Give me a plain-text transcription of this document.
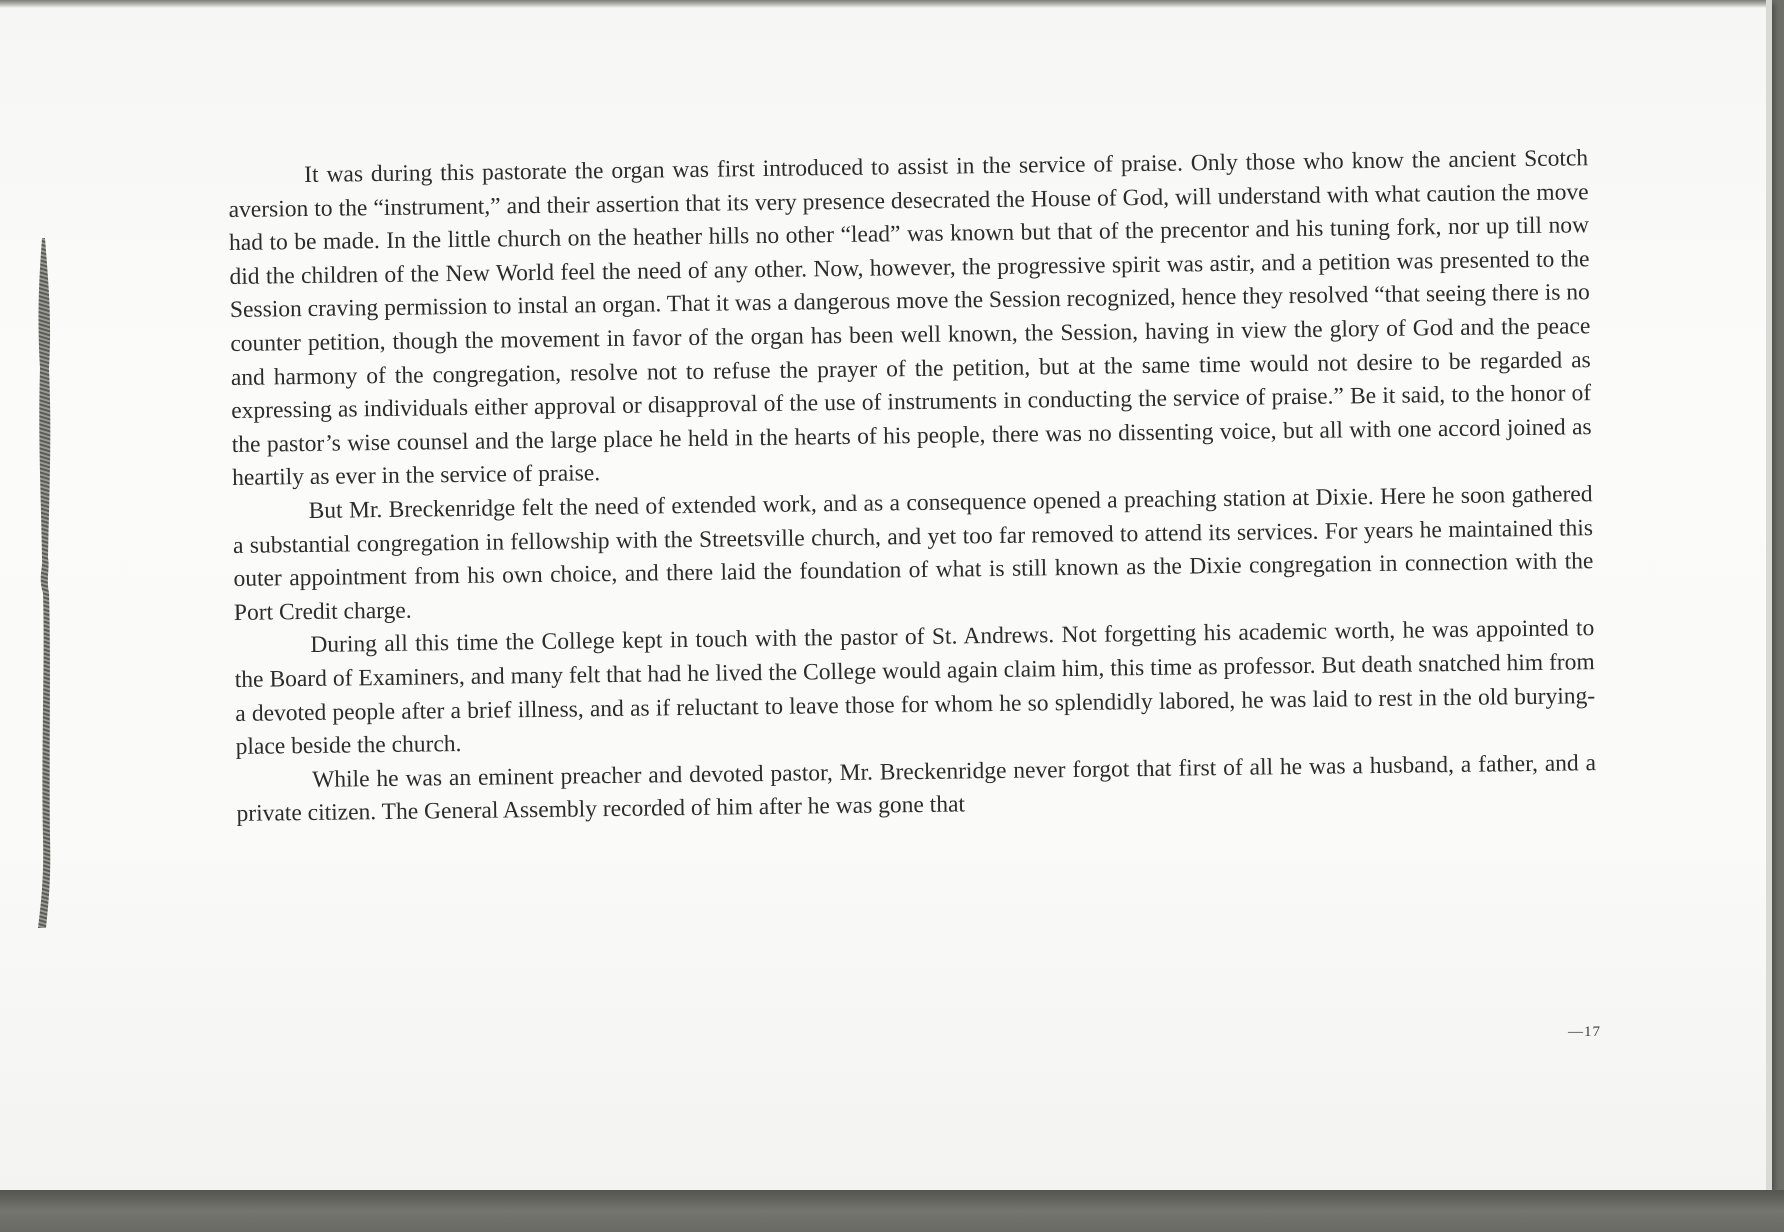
It was during this pastorate the organ was first introduced to assist in the service of praise. Only those who know the ancient Scotch aversion to the “instrument,” and their assertion that its very presence desecrated the House of God, will understand with what caution the move had to be made. In the little church on the heather hills no other “lead” was known but that of the precentor and his tuning fork, nor up till now did the children of the New World feel the need of any other. Now, however, the progressive spirit was astir, and a petition was presented to the Session craving permission to instal an organ. That it was a dangerous move the Session recognized, hence they resolved “that seeing there is no counter petition, though the movement in favor of the organ has been well known, the Session, having in view the glory of God and the peace and harmony of the congregation, resolve not to refuse the prayer of the petition, but at the same time would not desire to be regarded as expressing as individuals either approval or disapproval of the use of instruments in conducting the service of praise.” Be it said, to the honor of the pastor’s wise counsel and the large place he held in the hearts of his people, there was no dissenting voice, but all with one accord joined as heartily as ever in the service of praise.

But Mr. Breckenridge felt the need of extended work, and as a consequence opened a preaching station at Dixie. Here he soon gathered a substantial congregation in fellowship with the Streetsville church, and yet too far removed to attend its services. For years he maintained this outer appointment from his own choice, and there laid the foundation of what is still known as the Dixie congregation in connection with the Port Credit charge.

During all this time the College kept in touch with the pastor of St. Andrews. Not forgetting his academic worth, he was appointed to the Board of Examiners, and many felt that had he lived the College would again claim him, this time as professor. But death snatched him from a devoted people after a brief illness, and as if reluctant to leave those for whom he so splendidly labored, he was laid to rest in the old burying-place beside the church.

While he was an eminent preacher and devoted pastor, Mr. Breckenridge never forgot that first of all he was a husband, a father, and a private citizen. The General Assembly recorded of him after he was gone that

—17
